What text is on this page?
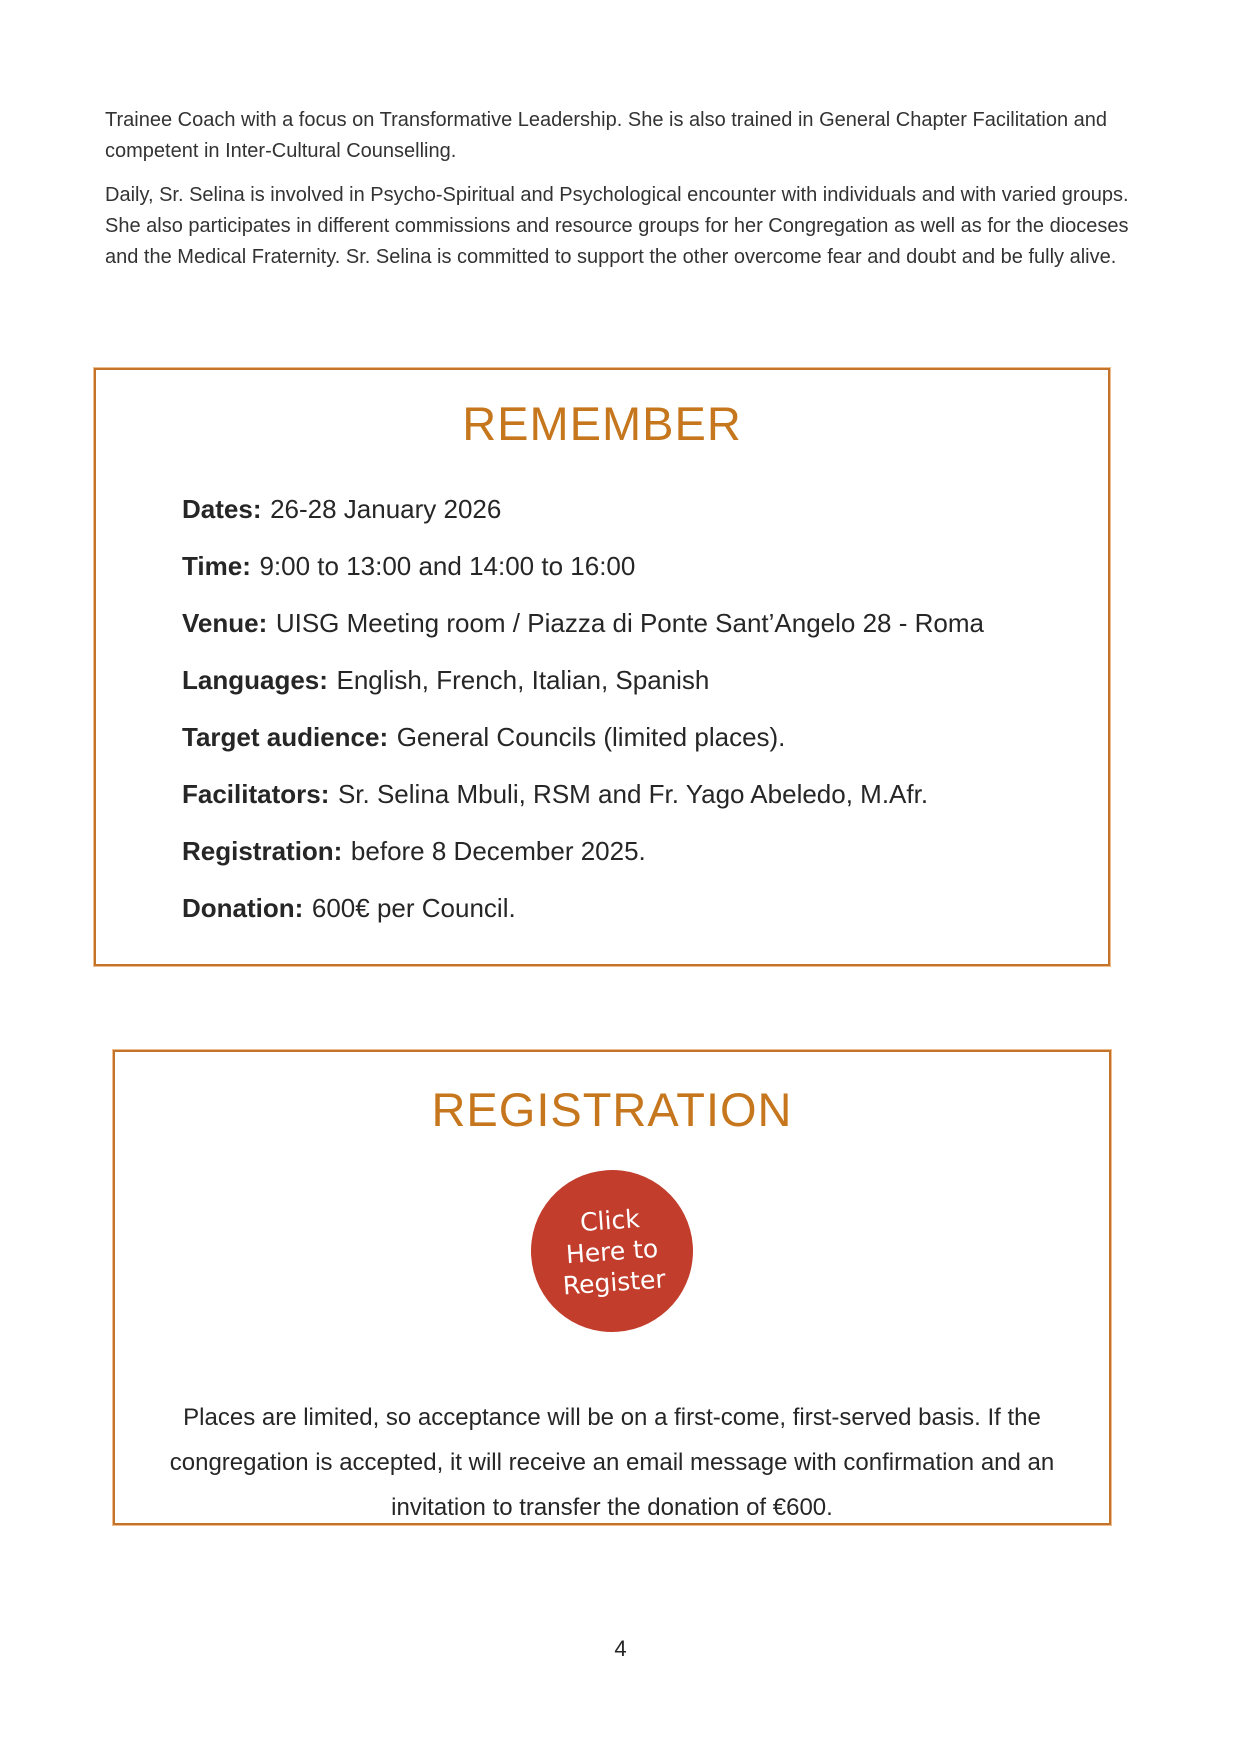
Trainee Coach with a focus on Transformative Leadership. She is also trained in General Chapter Facilitation and competent in Inter-Cultural Counselling.

Daily, Sr. Selina is involved in Psycho-Spiritual and Psychological encounter with individuals and with varied groups. She also participates in different commissions and resource groups for her Congregation as well as for the dioceses and the Medical Fraternity. Sr. Selina is committed to support the other overcome fear and doubt and be fully alive.

REMEMBER

Dates: 26-28 January 2026

Time: 9:00 to 13:00 and 14:00 to 16:00

Venue: UISG Meeting room / Piazza di Ponte Sant’Angelo 28 - Roma

Languages: English, French, Italian, Spanish

Target audience: General Councils (limited places).

Facilitators: Sr. Selina Mbuli, RSM and Fr. Yago Abeledo, M.Afr.

Registration: before 8 December 2025.

Donation: 600€ per Council.

REGISTRATION
Click
Here to
Register

Places are limited, so acceptance will be on a first-come, first-served basis. If the congregation is accepted, it will receive an email message with confirmation and an invitation to transfer the donation of €600.

4
